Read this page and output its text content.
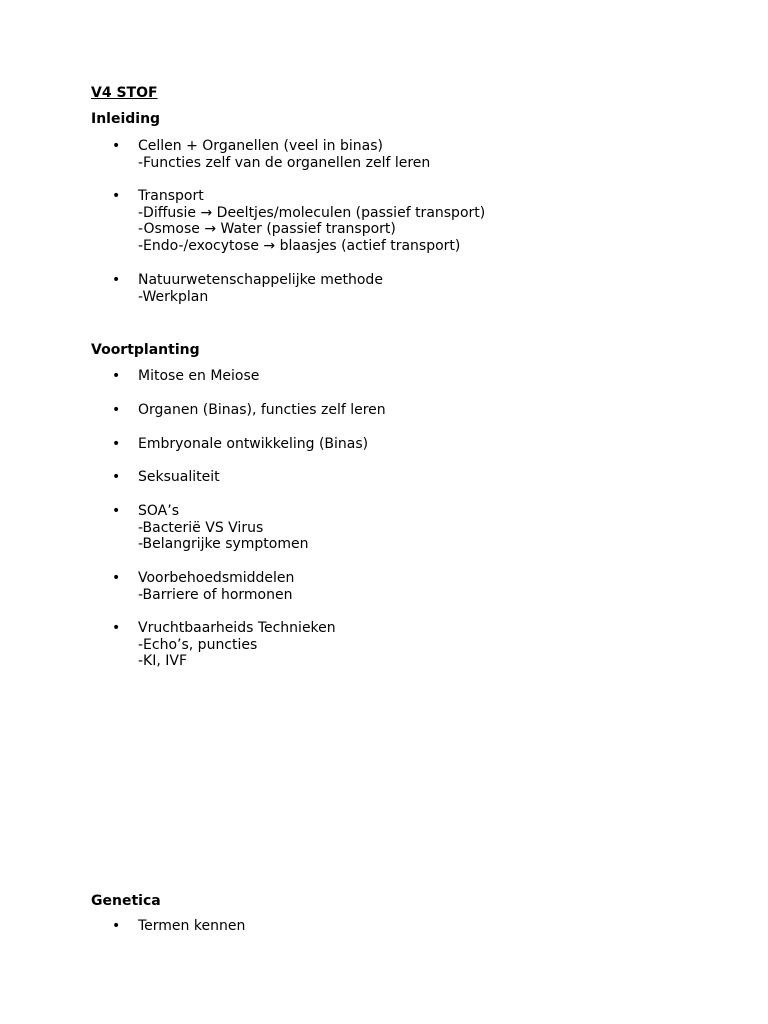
V4 STOF
Inleiding
• Cellen + Organellen (veel in binas)
-Functies zelf van de organellen zelf leren
• Transport
-Diffusie → Deeltjes/moleculen (passief transport)
-Osmose → Water (passief transport)
-Endo-/exocytose → blaasjes (actief transport)
• Natuurwetenschappelijke methode
-Werkplan
Voortplanting
• Mitose en Meiose
• Organen (Binas), functies zelf leren
• Embryonale ontwikkeling (Binas)
• Seksualiteit
• SOA’s
-Bacterië VS Virus
-Belangrijke symptomen
• Voorbehoedsmiddelen
-Barriere of hormonen
• Vruchtbaarheids Technieken
-Echo’s, puncties
-KI, IVF
Genetica
• Termen kennen
